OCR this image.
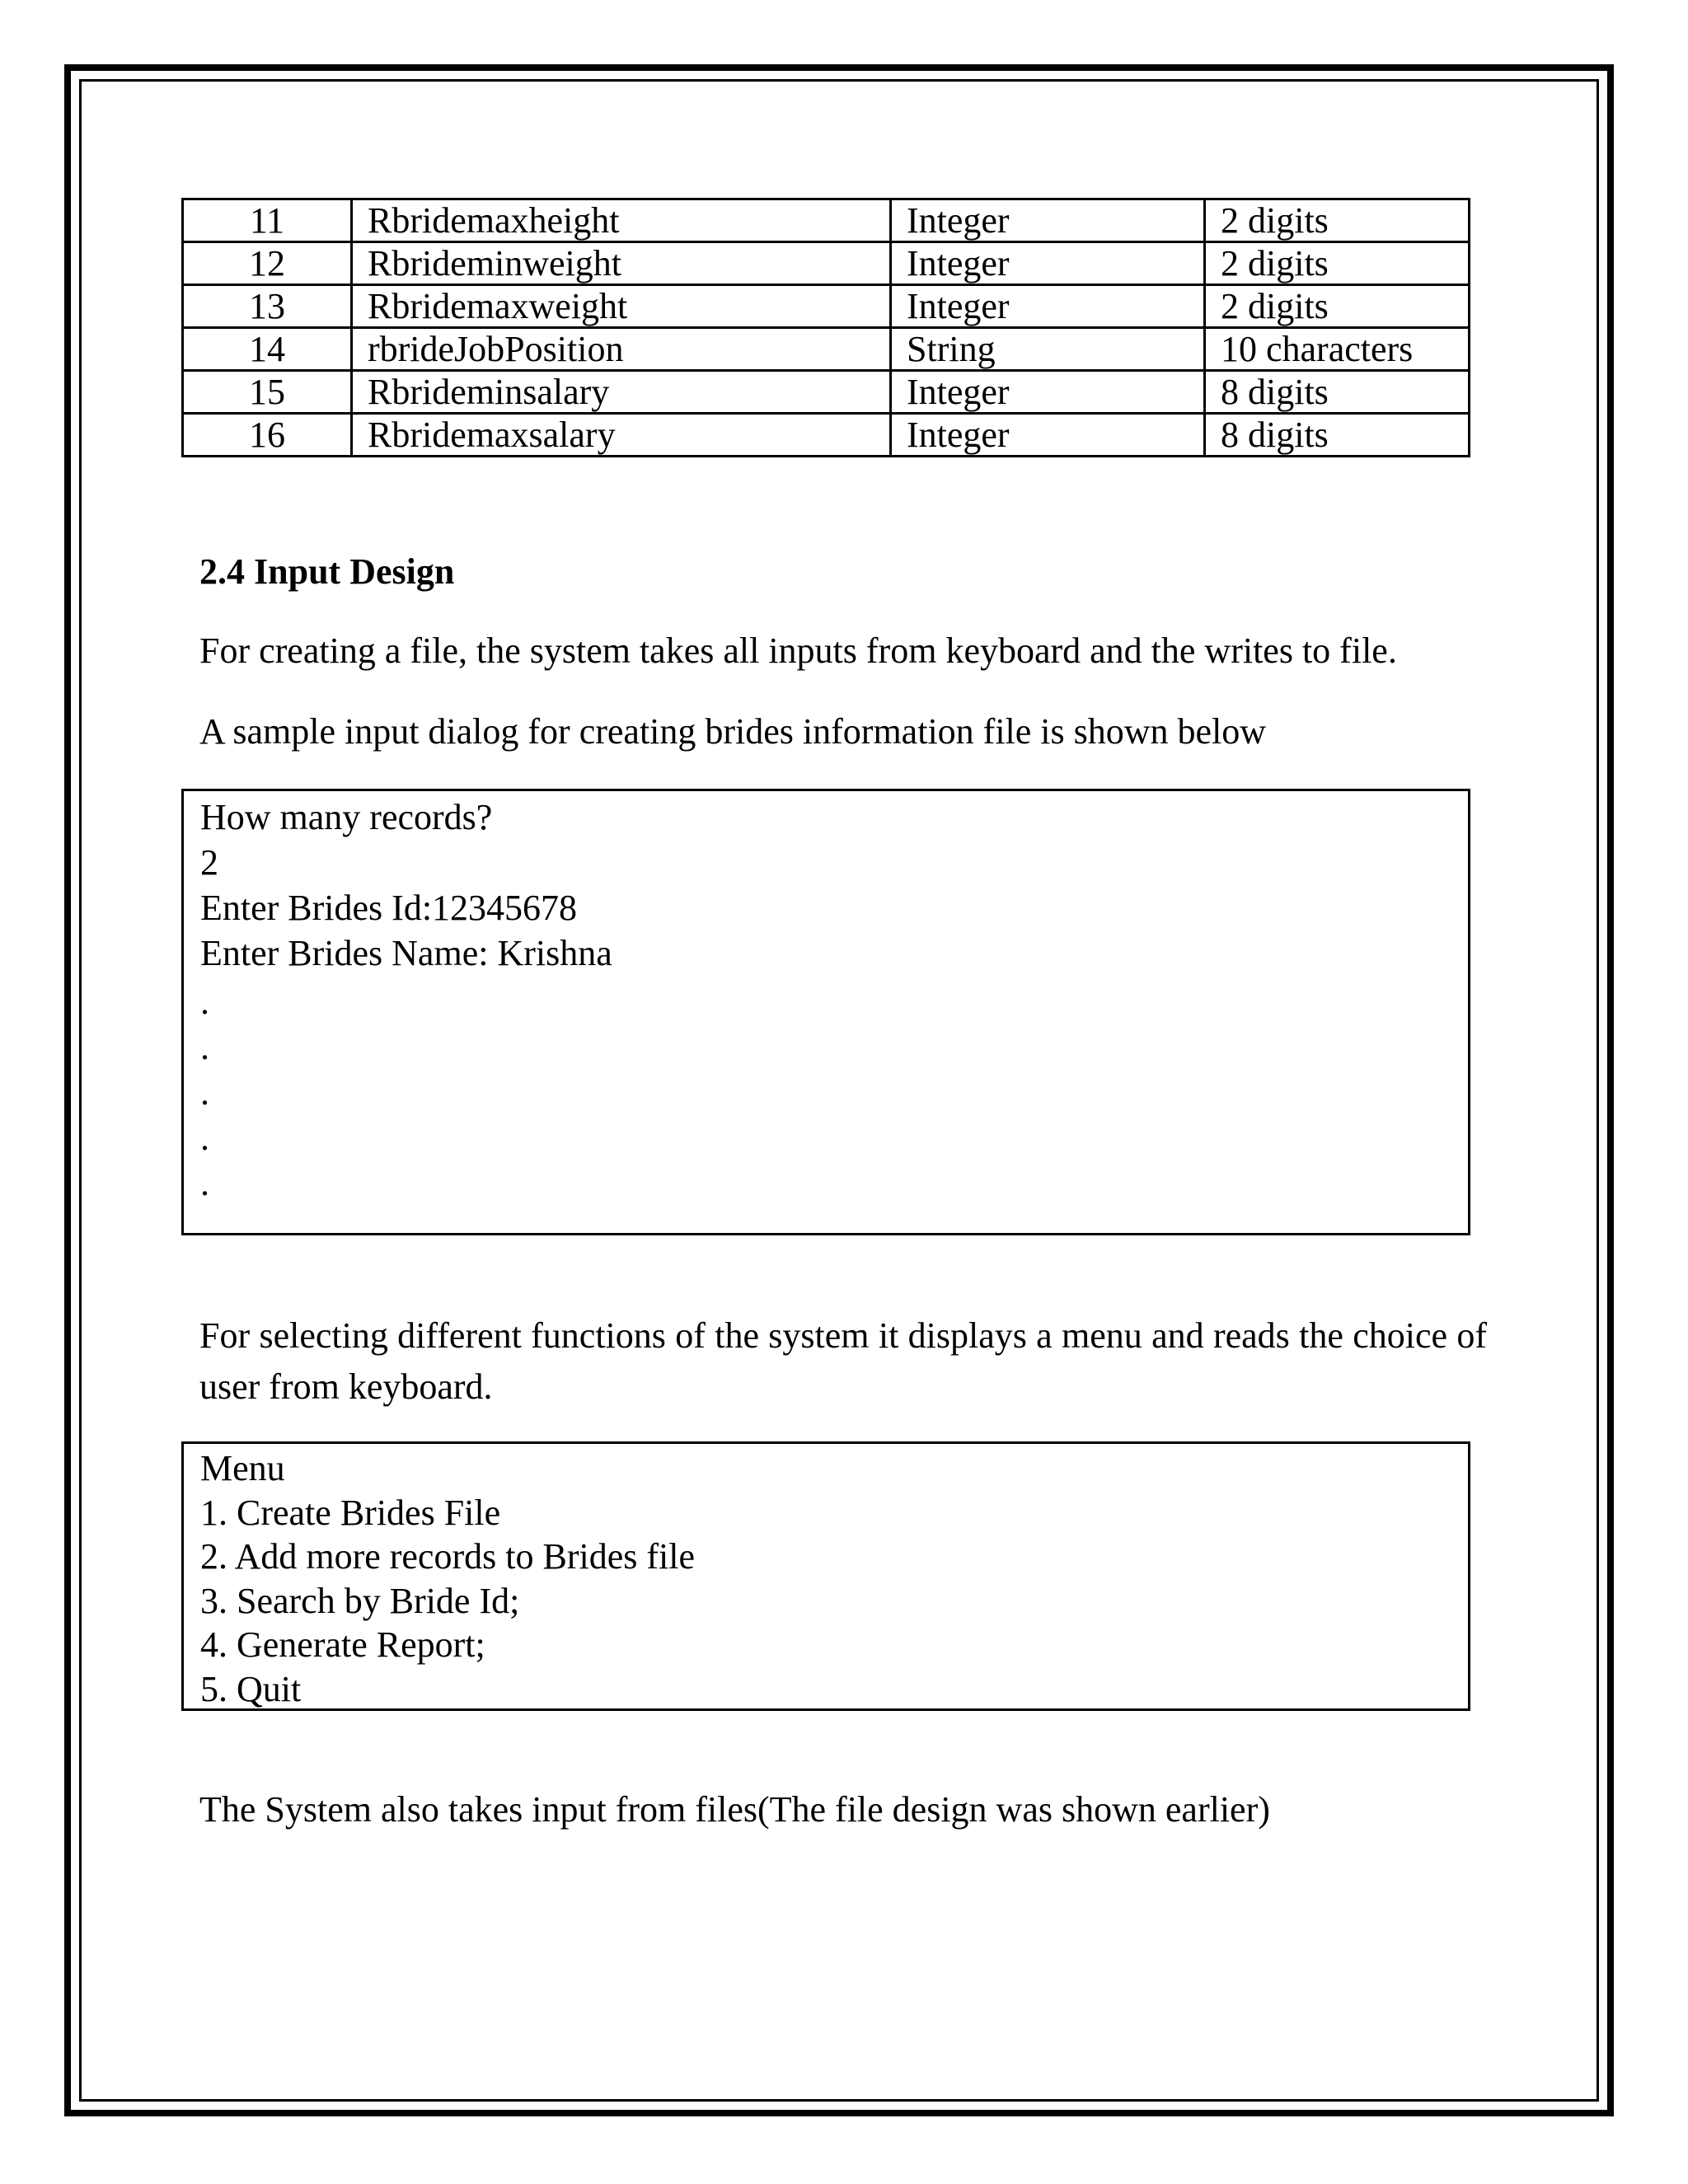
11	Rbridemaxheight	Integer	2 digits
12	Rbrideminweight	Integer	2 digits
13	Rbridemaxweight	Integer	2 digits
14	rbrideJobPosition	String	10 characters
15	Rbrideminsalary	Integer	8 digits
16	Rbridemaxsalary	Integer	8 digits
2.4 Input Design
For creating a file, the system takes all inputs from keyboard and the writes to file.
A sample input dialog for creating brides information file is shown below
How many records?
2
Enter Brides Id:12345678
Enter Brides Name: Krishna
.
.
.
.
.
For selecting different functions of the system it displays a menu and reads the choice of user from keyboard.
Menu
1. Create Brides File
2. Add more records to Brides file
3. Search by Bride Id;
4. Generate Report;
5. Quit
The System also takes input from files(The file design was shown earlier)
